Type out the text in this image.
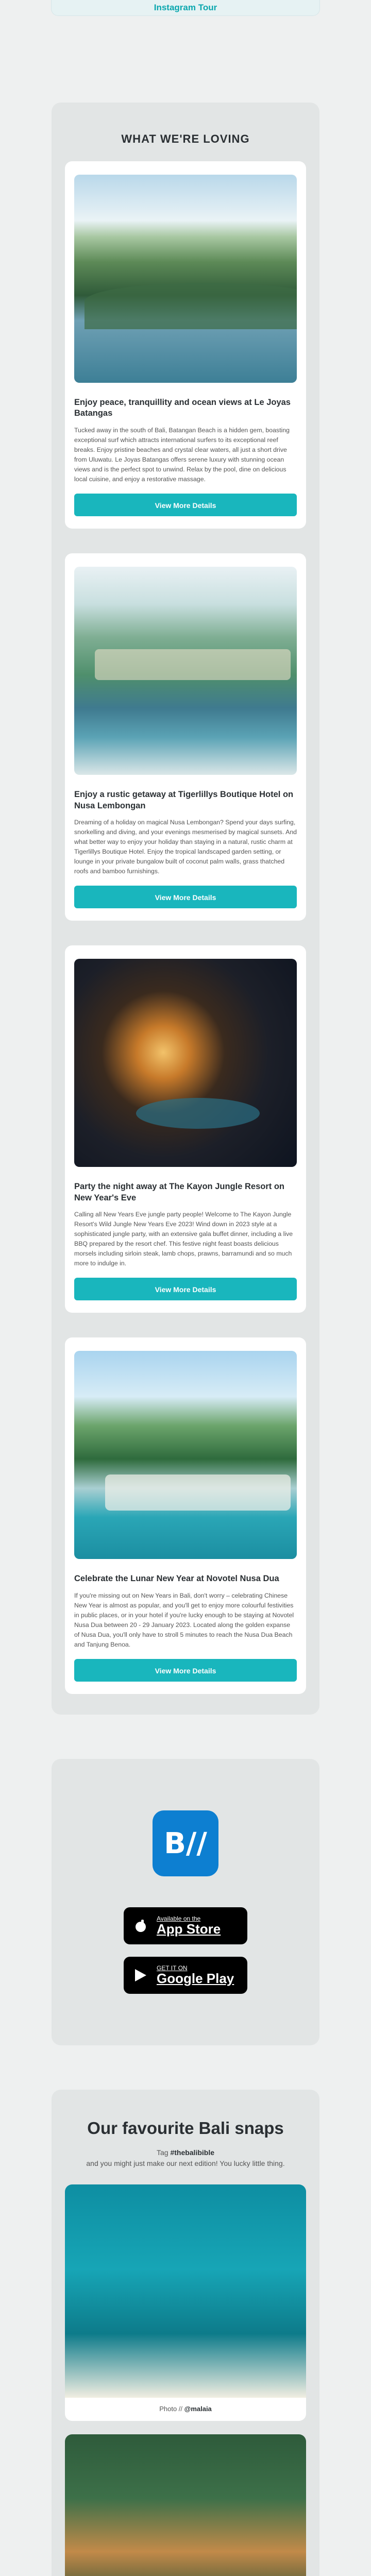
Instagram Tour
WHAT WE'RE LOVING
Enjoy peace, tranquillity and ocean views at Le Joyas Batangas

Tucked away in the south of Bali, Batangan Beach is a hidden gem, boasting exceptional surf which attracts international surfers to its exceptional reef breaks. Enjoy pristine beaches and crystal clear waters, all just a short drive from Uluwatu. Le Joyas Batangas offers serene luxury with stunning ocean views and is the perfect spot to unwind. Relax by the pool, dine on delicious local cuisine, and enjoy a restorative massage.

View More Details
Enjoy a rustic getaway at Tigerlillys Boutique Hotel on Nusa Lembongan

Dreaming of a holiday on magical Nusa Lembongan? Spend your days surfing, snorkelling and diving, and your evenings mesmerised by magical sunsets. And what better way to enjoy your holiday than staying in a natural, rustic charm at Tigerlillys Boutique Hotel. Enjoy the tropical landscaped garden setting, or lounge in your private bungalow built of coconut palm walls, grass thatched roofs and bamboo furnishings.

View More Details
Party the night away at The Kayon Jungle Resort on New Year's Eve

Calling all New Years Eve jungle party people! Welcome to The Kayon Jungle Resort's Wild Jungle New Years Eve 2023! Wind down in 2023 style at a sophisticated jungle party, with an extensive gala buffet dinner, including a live BBQ prepared by the resort chef. This festive night feast boasts delicious morsels including sirloin steak, lamb chops, prawns, barramundi and so much more to indulge in.

View More Details
Celebrate the Lunar New Year at Novotel Nusa Dua

If you're missing out on New Years in Bali, don't worry – celebrating Chinese New Year is almost as popular, and you'll get to enjoy more colourful festivities in public places, or in your hotel if you're lucky enough to be staying at Novotel Nusa Dua between 20 - 29 January 2023. Located along the golden expanse of Nusa Dua, you'll only have to stroll 5 minutes to reach the Nusa Dua Beach and Tanjung Benoa.

View More Details
B//
Available on the
App Store
GET IT ON
Google Play
Our favourite Bali snaps
Tag #thebalibible
and you might just make our next edition! You lucky little thing.
Photo // @malaia
